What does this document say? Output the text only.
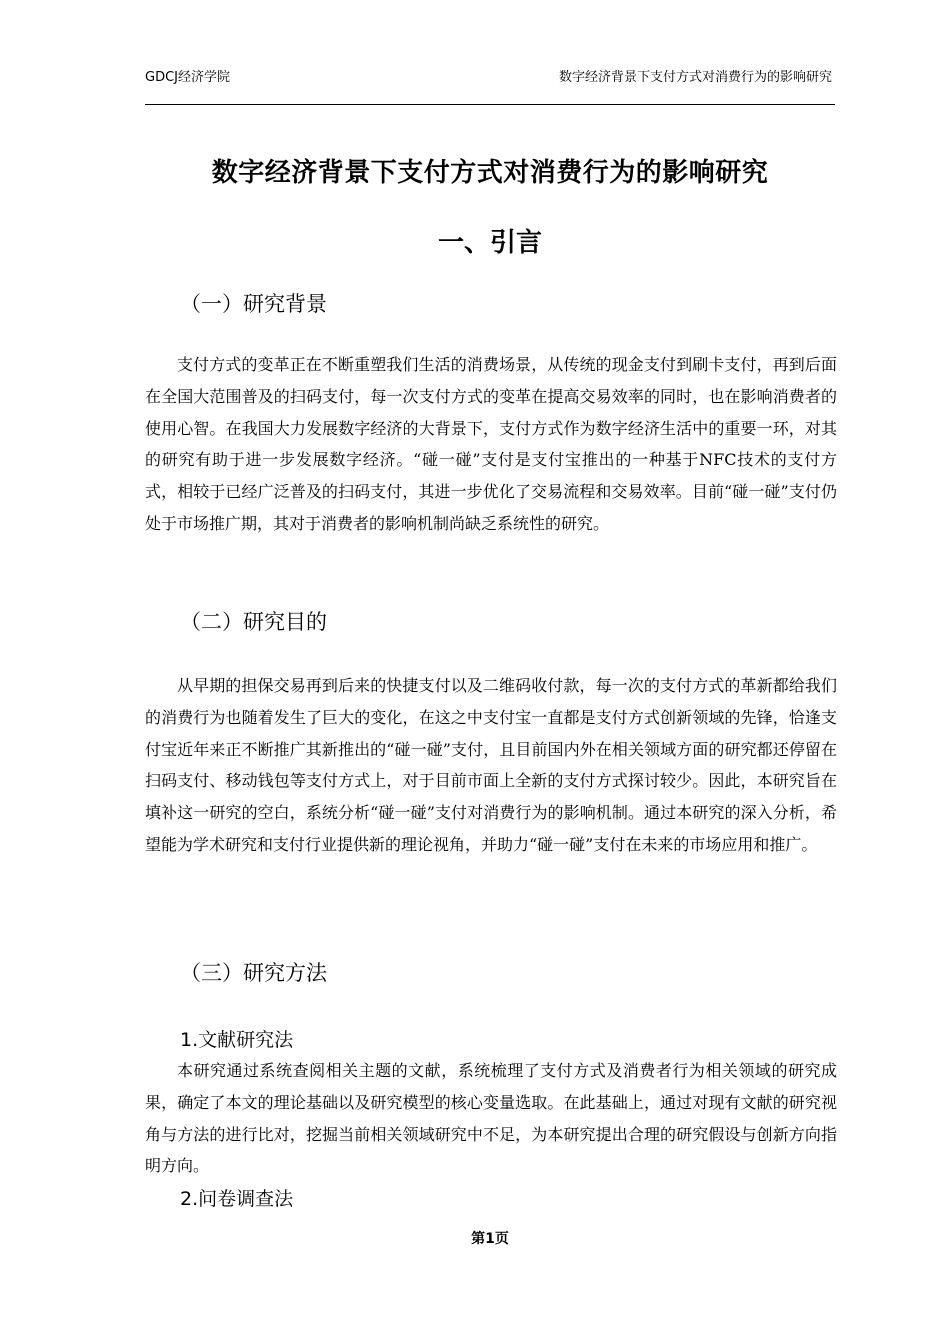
GDCJ经济学院	数字经济背景下支付方式对消费行为的影响研究
数字经济背景下支付方式对消费行为的影响研究
一、引言
（一）研究背景

支付方式的变革正在不断重塑我们生活的消费场景，从传统的现金支付到刷卡支付，再到后面在全国大范围普及的扫码支付，每一次支付方式的变革在提高交易效率的同时，也在影响消费者的使用心智。在我国大力发展数字经济的大背景下，支付方式作为数字经济生活中的重要一环，对其的研究有助于进一步发展数字经济。“碰一碰”支付是支付宝推出的一种基于NFC技术的支付方式，相较于已经广泛普及的扫码支付，其进一步优化了交易流程和交易效率。目前“碰一碰”支付仍处于市场推广期，其对于消费者的影响机制尚缺乏系统性的研究。

（二）研究目的

从早期的担保交易再到后来的快捷支付以及二维码收付款，每一次的支付方式的革新都给我们的消费行为也随着发生了巨大的变化，在这之中支付宝一直都是支付方式创新领域的先锋，恰逢支付宝近年来正不断推广其新推出的“碰一碰”支付，且目前国内外在相关领域方面的研究都还停留在扫码支付、移动钱包等支付方式上，对于目前市面上全新的支付方式探讨较少。因此，本研究旨在填补这一研究的空白，系统分析“碰一碰”支付对消费行为的影响机制。通过本研究的深入分析，希望能为学术研究和支付行业提供新的理论视角，并助力“碰一碰”支付在未来的市场应用和推广。

（三）研究方法
1.文献研究法

本研究通过系统查阅相关主题的文献，系统梳理了支付方式及消费者行为相关领域的研究成果，确定了本文的理论基础以及研究模型的核心变量选取。在此基础上，通过对现有文献的研究视角与方法的进行比对，挖掘当前相关领域研究中不足，为本研究提出合理的研究假设与创新方向指明方向。

2.问卷调查法
第1页
